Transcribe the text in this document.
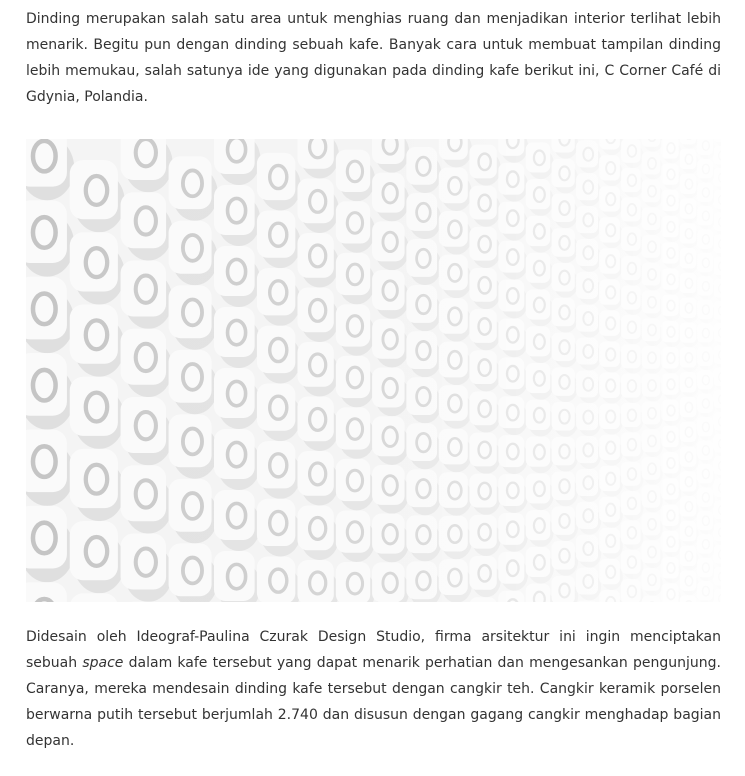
Dinding merupakan salah satu area untuk menghias ruang dan menjadikan interior terlihat lebih menarik. Begitu pun dengan dinding sebuah kafe. Banyak cara untuk membuat tampilan dinding lebih memukau, salah satunya ide yang digunakan pada dinding kafe berikut ini, C Corner Café di Gdynia, Polandia.

Didesain oleh Ideograf-Paulina Czurak Design Studio, firma arsitektur ini ingin menciptakan sebuah space dalam kafe tersebut yang dapat menarik perhatian dan mengesankan pengunjung. Caranya, mereka mendesain dinding kafe tersebut dengan cangkir teh. Cangkir keramik porselen berwarna putih tersebut berjumlah 2.740 dan disusun dengan gagang cangkir menghadap bagian depan.
